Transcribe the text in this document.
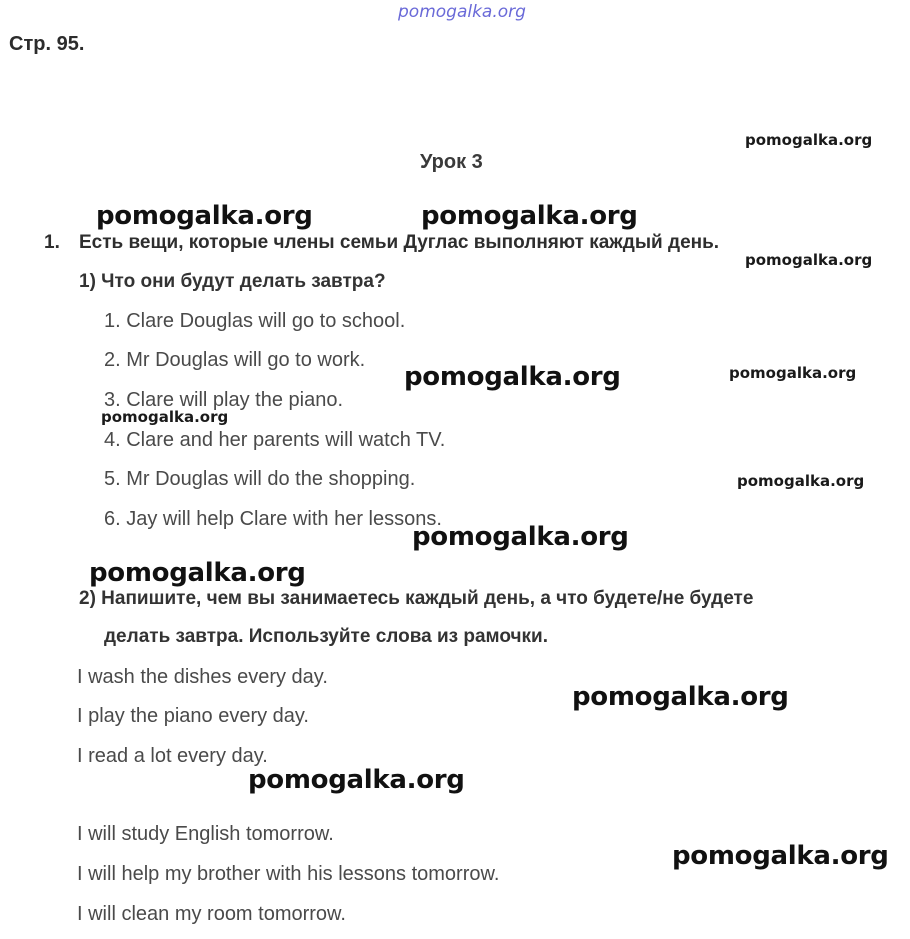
pomogalka.org
Стр. 95.
Урок 3
1. Есть вещи, которые члены семьи Дуглас выполняют каждый день.
1) Что они будут делать завтра?
1. Clare Douglas will go to school.
2. Mr Douglas will go to work.
3. Clare will play the piano.
4. Clare and her parents will watch TV.
5. Mr Douglas will do the shopping.
6. Jay will help Clare with her lessons.
2) Напишите, чем вы занимаетесь каждый день, а что будете/не будете
делать завтра. Используйте слова из рамочки.
I wash the dishes every day.
I play the piano every day.
I read a lot every day.
I will study English tomorrow.
I will help my brother with his lessons tomorrow.
I will clean my room tomorrow.
pomogalka.org
pomogalka.org	pomogalka.org
pomogalka.org
pomogalka.org	pomogalka.org
pomogalka.org
pomogalka.org
pomogalka.org
pomogalka.org
pomogalka.org
pomogalka.org
pomogalka.org
